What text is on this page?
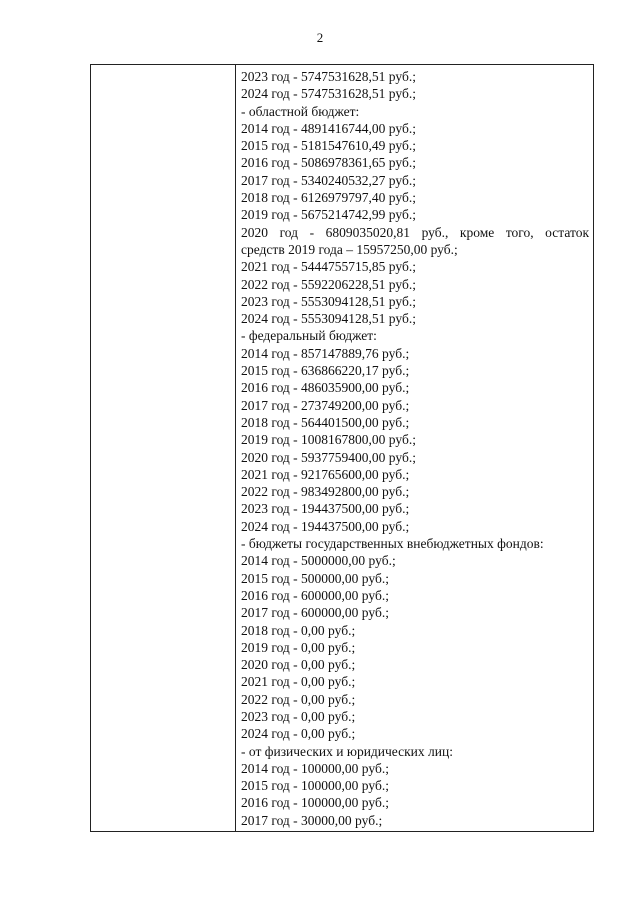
2
2023 год - 5747531628,51 руб.;
2024 год - 5747531628,51 руб.;
- областной бюджет:
2014 год - 4891416744,00 руб.;
2015 год - 5181547610,49 руб.;
2016 год - 5086978361,65 руб.;
2017 год - 5340240532,27 руб.;
2018 год - 6126979797,40 руб.;
2019 год - 5675214742,99 руб.;
2020 год - 6809035020,81 руб., кроме того, остаток
средств 2019 года – 15957250,00 руб.;
2021 год - 5444755715,85 руб.;
2022 год - 5592206228,51 руб.;
2023 год - 5553094128,51 руб.;
2024 год - 5553094128,51 руб.;
- федеральный бюджет:
2014 год - 857147889,76 руб.;
2015 год - 636866220,17 руб.;
2016 год - 486035900,00 руб.;
2017 год - 273749200,00 руб.;
2018 год - 564401500,00 руб.;
2019 год - 1008167800,00 руб.;
2020 год - 5937759400,00 руб.;
2021 год - 921765600,00 руб.;
2022 год - 983492800,00 руб.;
2023 год - 194437500,00 руб.;
2024 год - 194437500,00 руб.;
- бюджеты государственных внебюджетных фондов:
2014 год - 5000000,00 руб.;
2015 год - 500000,00 руб.;
2016 год - 600000,00 руб.;
2017 год - 600000,00 руб.;
2018 год - 0,00 руб.;
2019 год - 0,00 руб.;
2020 год - 0,00 руб.;
2021 год - 0,00 руб.;
2022 год - 0,00 руб.;
2023 год - 0,00 руб.;
2024 год - 0,00 руб.;
- от физических и юридических лиц:
2014 год - 100000,00 руб.;
2015 год - 100000,00 руб.;
2016 год - 100000,00 руб.;
2017 год - 30000,00 руб.;
